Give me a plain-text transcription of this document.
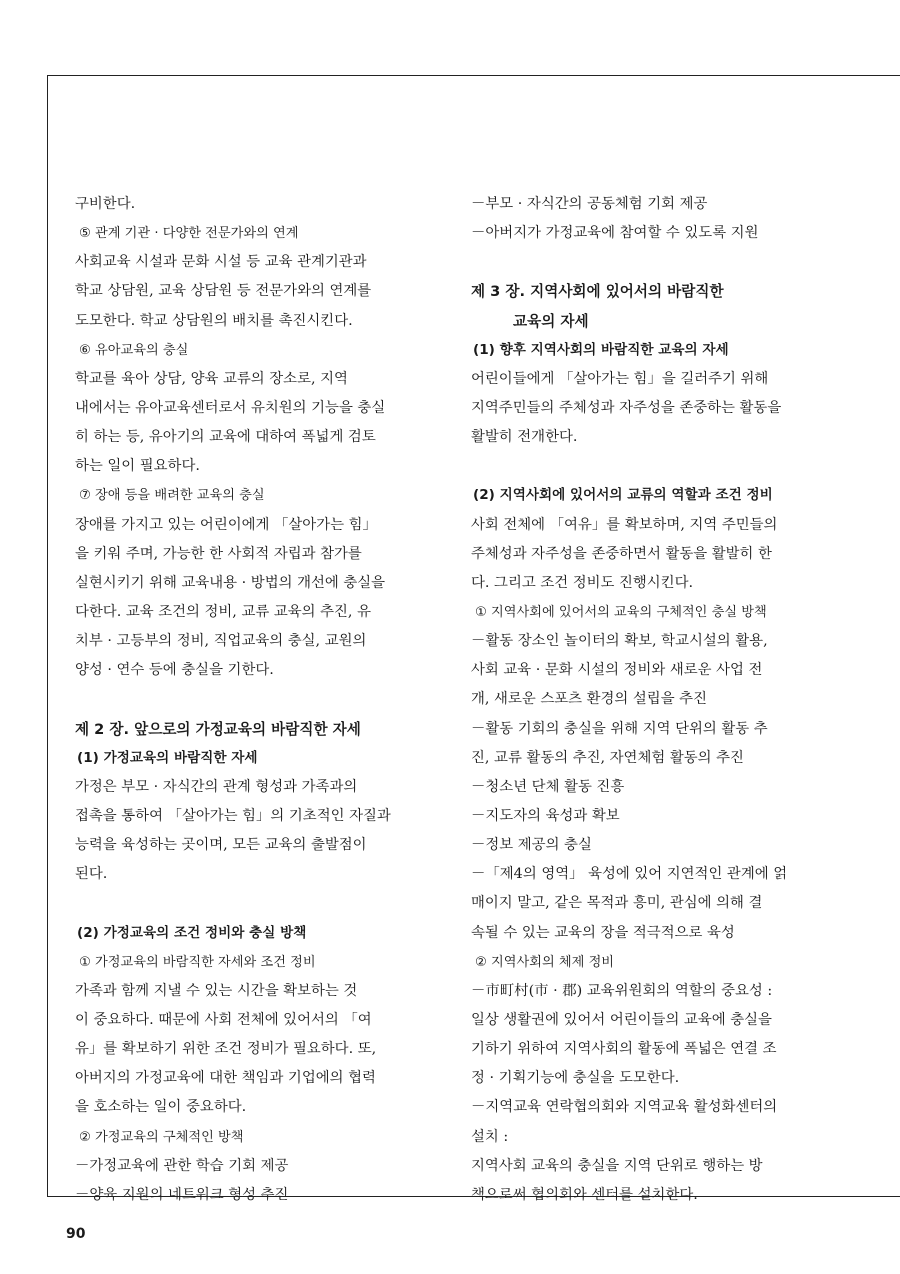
구비한다.

⑤ 관계 기관 · 다양한 전문가와의 연계

사회교육 시설과 문화 시설 등 교육 관계기관과

학교 상담원, 교육 상담원 등 전문가와의 연계를

도모한다. 학교 상담원의 배치를 촉진시킨다.

⑥ 유아교육의 충실

학교를 육아 상담, 양육 교류의 장소로, 지역

내에서는 유아교육센터로서 유치원의 기능을 충실

히 하는 등, 유아기의 교육에 대하여 폭넓게 검토

하는 일이 필요하다.

⑦ 장애 등을 배려한 교육의 충실

장애를 가지고 있는 어린이에게 「살아가는 힘」

을 키워 주며, 가능한 한 사회적 자립과 참가를

실현시키기 위해 교육내용 · 방법의 개선에 충실을

다한다. 교육 조건의 정비, 교류 교육의 추진, 유

치부 · 고등부의 정비, 직업교육의 충실, 교원의

양성 · 연수 등에 충실을 기한다.

제 2 장. 앞으로의 가정교육의 바람직한 자세

(1) 가정교육의 바람직한 자세

가정은 부모 · 자식간의 관계 형성과 가족과의

접촉을 통하여 「살아가는 힘」의 기초적인 자질과

능력을 육성하는 곳이며, 모든 교육의 출발점이

된다.

(2) 가정교육의 조건 정비와 충실 방책

① 가정교육의 바람직한 자세와 조건 정비

가족과 함께 지낼 수 있는 시간을 확보하는 것

이 중요하다. 때문에 사회 전체에 있어서의 「여

유」를 확보하기 위한 조건 정비가 필요하다. 또,

아버지의 가정교육에 대한 책임과 기업에의 협력

을 호소하는 일이 중요하다.

② 가정교육의 구체적인 방책

－가정교육에 관한 학습 기회 제공

－양육 지원의 네트워크 형성 추진

－부모 · 자식간의 공동체험 기회 제공

－아버지가 가정교육에 참여할 수 있도록 지원

제 3 장. 지역사회에 있어서의 바람직한

교육의 자세

(1) 향후 지역사회의 바람직한 교육의 자세

어린이들에게 「살아가는 힘」을 길러주기 위해

지역주민들의 주체성과 자주성을 존중하는 활동을

활발히 전개한다.

(2) 지역사회에 있어서의 교류의 역할과 조건 정비

사회 전체에 「여유」를 확보하며, 지역 주민들의

주체성과 자주성을 존중하면서 활동을 활발히 한

다. 그리고 조건 정비도 진행시킨다.

① 지역사회에 있어서의 교육의 구체적인 충실 방책

－활동 장소인 놀이터의 확보, 학교시설의 활용,

사회 교육 · 문화 시설의 정비와 새로운 사업 전

개, 새로운 스포츠 환경의 설립을 추진

－활동 기회의 충실을 위해 지역 단위의 활동 추

진, 교류 활동의 추진, 자연체험 활동의 추진

－청소년 단체 활동 진흥

－지도자의 육성과 확보

－정보 제공의 충실

－「제4의 영역」 육성에 있어 지연적인 관계에 얽

매이지 말고, 같은 목적과 흥미, 관심에 의해 결

속될 수 있는 교육의 장을 적극적으로 육성

② 지역사회의 체제 정비

－市町村(市 · 郡) 교육위원회의 역할의 중요성 :

일상 생활권에 있어서 어린이들의 교육에 충실을

기하기 위하여 지역사회의 활동에 폭넓은 연결 조

정 · 기획기능에 충실을 도모한다.

－지역교육 연락협의회와 지역교육 활성화센터의

설치 :

지역사회 교육의 충실을 지역 단위로 행하는 방

책으로써 협의회와 센터를 설치한다.

90
